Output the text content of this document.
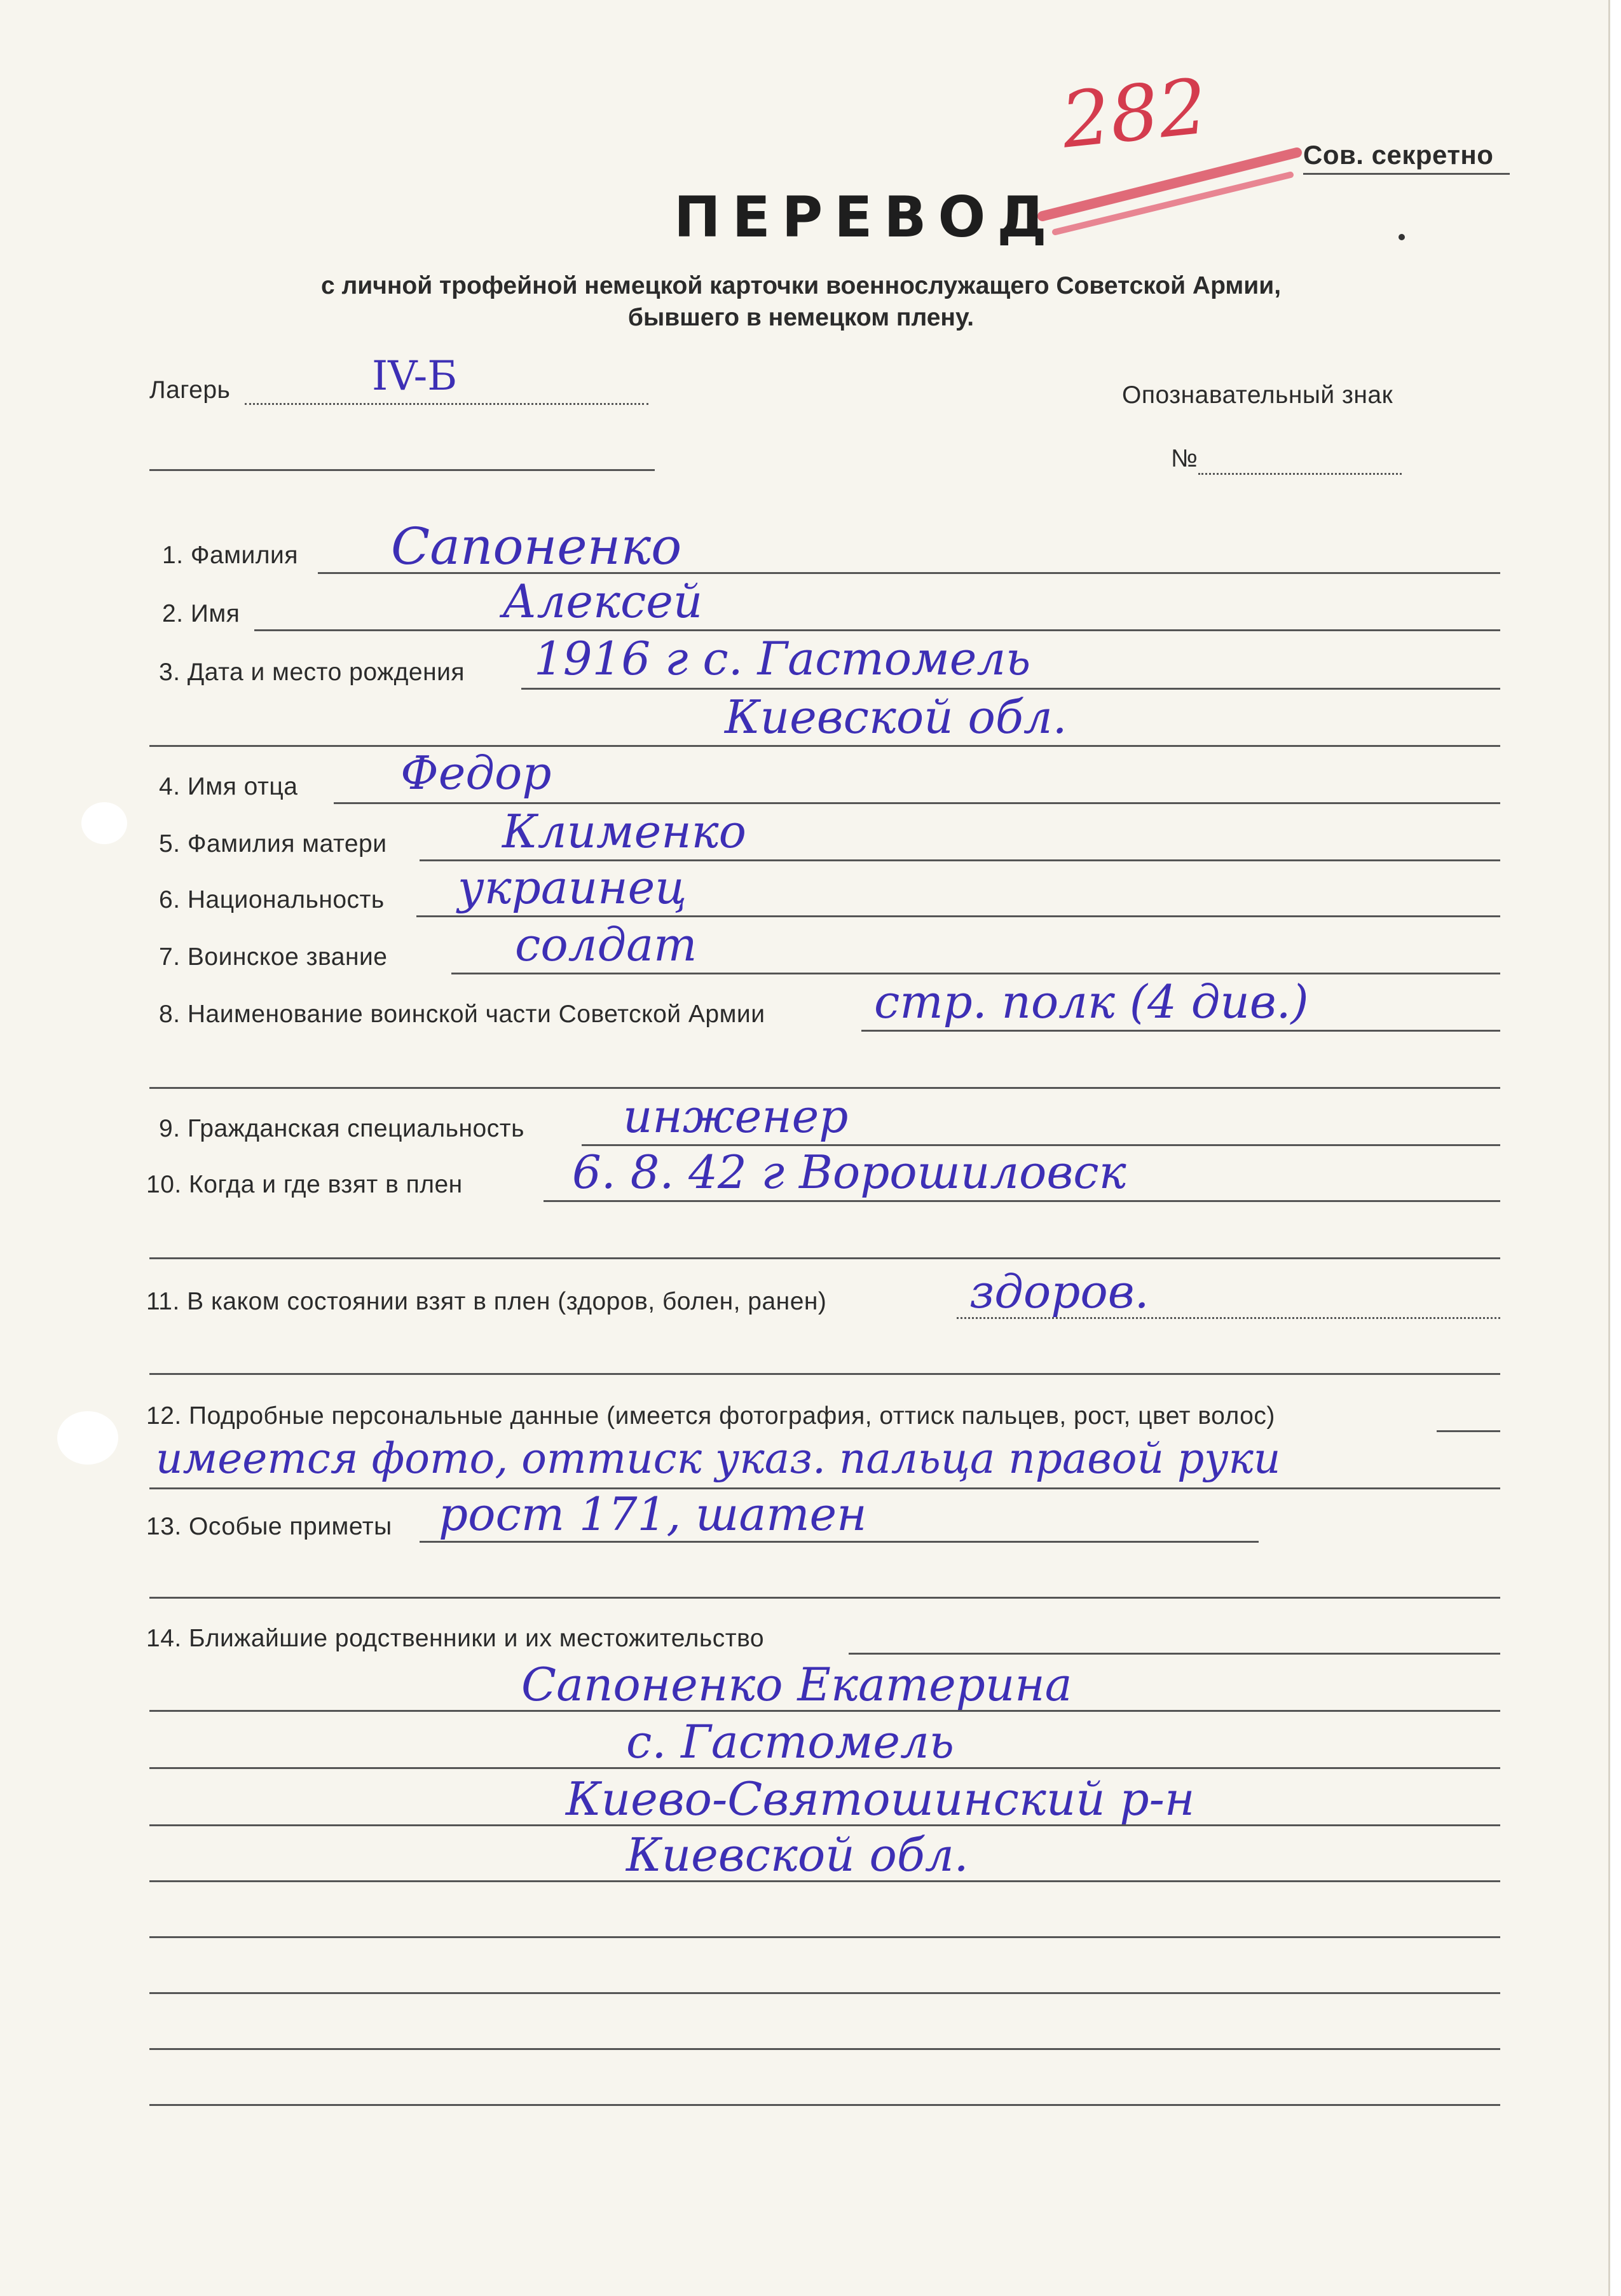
282	Сов. секретно
ПЕРЕВОД
с личной трофейной немецкой карточки военнослужащего Советской Армии,
бывшего в немецком плену.
Лагерь	IV-Б	Опознавательный знак
№
1. Фамилия Сапоненко
2. Имя	Алексей
3. Дата и место рождения 1916 г с. Гастомель
Киевской обл.
4. Имя отца Федор
5. Фамилия матери	Клименко
6. Национальность украинец
7. Воинское звание	солдат
8. Наименование воинской части Советской Армии стр. полк (4 див.)
9. Гражданская специальность инженер
10. Когда и где взят в плен 6. 8. 42 г Ворошиловск
11. В каком состоянии взят в плен (здоров, болен, ранен)	здоров.
12. Подробные персональные данные (имеется фотография, оттиск пальцев, рост, цвет волос)
имеется фото, оттиск указ. пальца правой руки
13. Особые приметы рост 171, шатен
14. Ближайшие родственники и их местожительство
Сапоненко Екатерина
с. Гастомель
Киево-Святошинский р-н
Киевской обл.
